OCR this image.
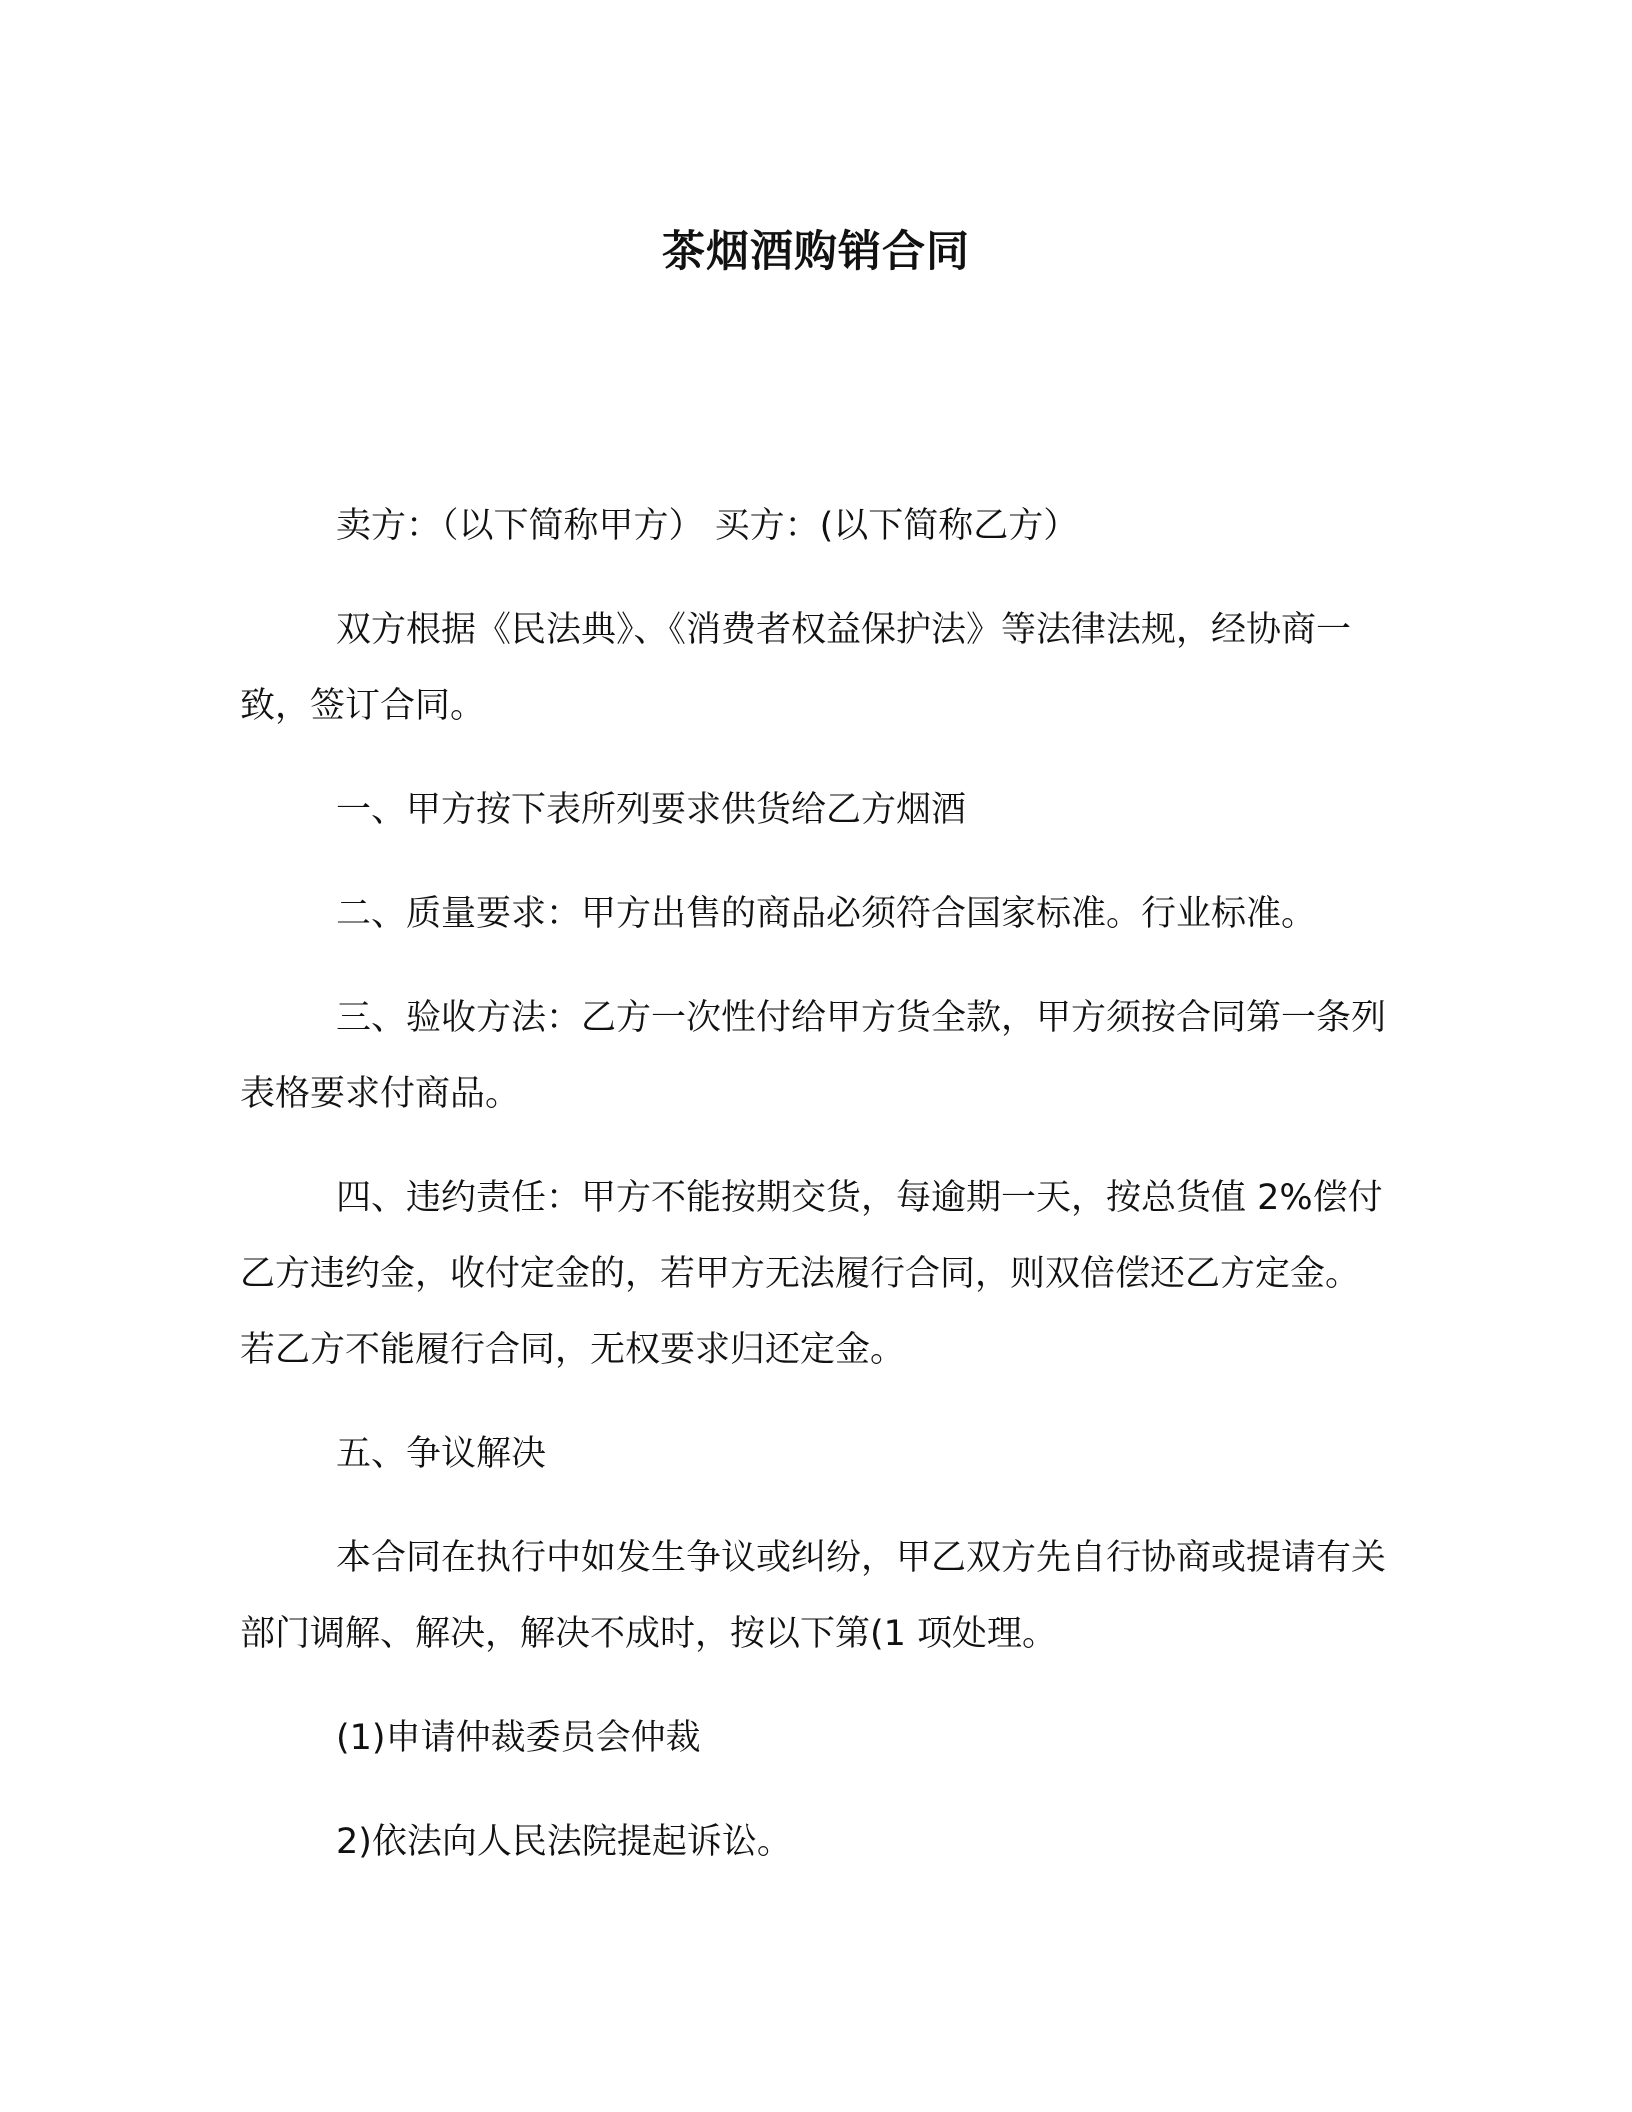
茶烟酒购销合同

卖方：（以下简称甲方） 买方：(以下简称乙方）

双方根据《民法典》、《消费者权益保护法》等法律法规，经协商一致，签订合同。

一、甲方按下表所列要求供货给乙方烟酒

二、质量要求：甲方出售的商品必须符合国家标准。行业标准。

三、验收方法：乙方一次性付给甲方货全款，甲方须按合同第一条列表格要求付商品。

四、违约责任：甲方不能按期交货，每逾期一天，按总货值 2%偿付乙方违约金，收付定金的，若甲方无法履行合同，则双倍偿还乙方定金。若乙方不能履行合同，无权要求归还定金。

五、争议解决

本合同在执行中如发生争议或纠纷，甲乙双方先自行协商或提请有关部门调解、解决，解决不成时，按以下第(1 项处理。

(1)申请仲裁委员会仲裁

2)依法向人民法院提起诉讼。
